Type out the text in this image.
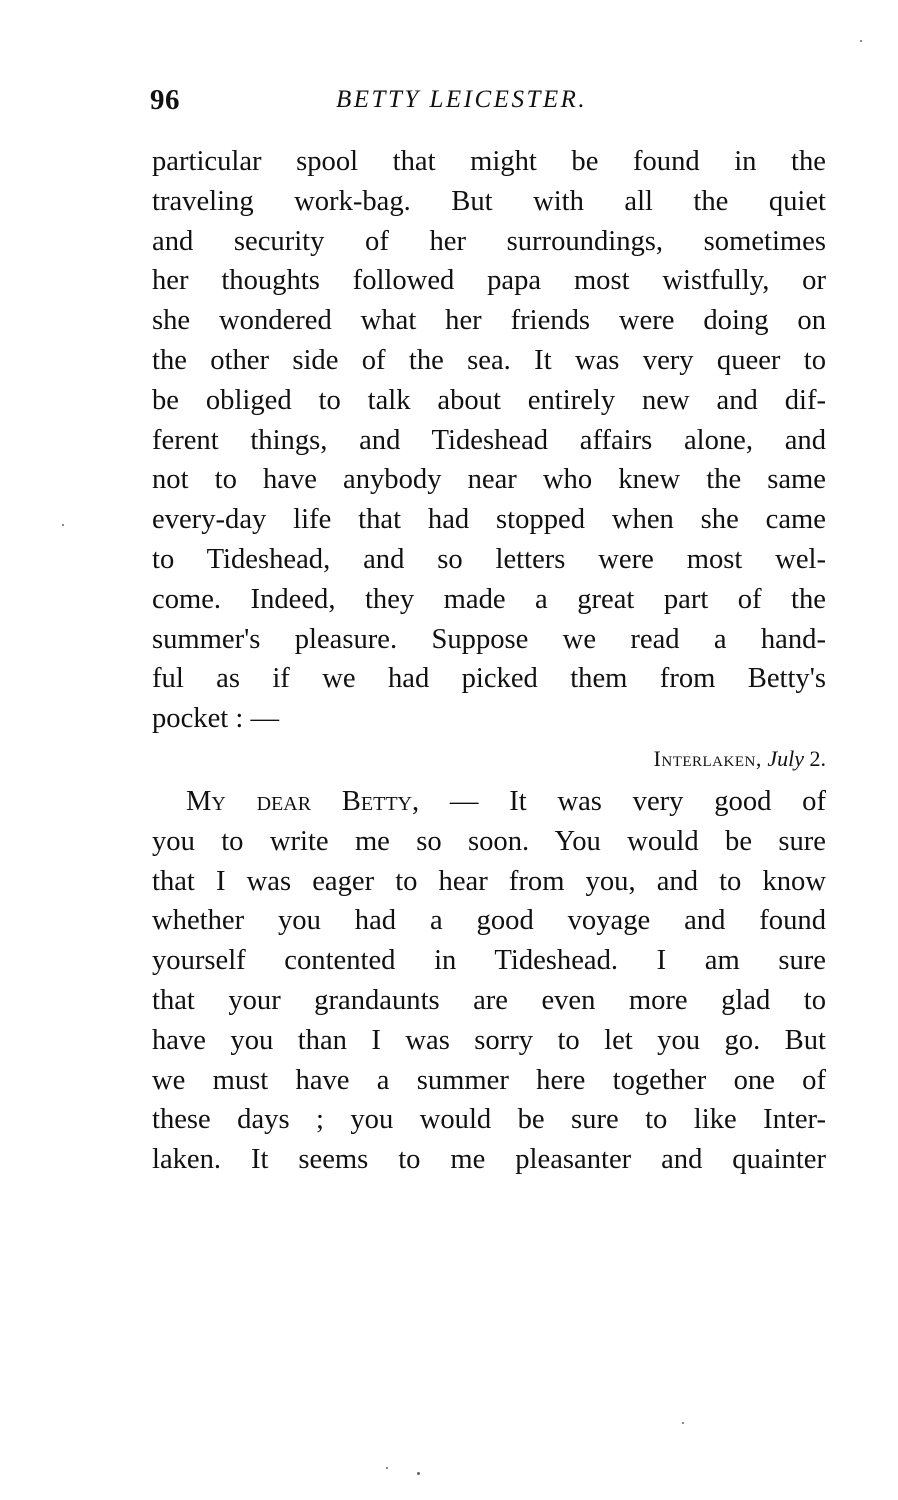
96	BETTY LEICESTER.
particular spool that might be found in the
traveling work-bag. But with all the quiet
and security of her surroundings, sometimes
her thoughts followed papa most wistfully, or
she wondered what her friends were doing on
the other side of the sea. It was very queer to
be obliged to talk about entirely new and dif-
ferent things, and Tideshead affairs alone, and
not to have anybody near who knew the same
every-day life that had stopped when she came
to Tideshead, and so letters were most wel-
come. Indeed, they made a great part of the
summer's pleasure. Suppose we read a hand-
ful as if we had picked them from Betty's
pocket : —
Interlaken, July 2.
My dear Betty, — It was very good of
you to write me so soon. You would be sure
that I was eager to hear from you, and to know
whether you had a good voyage and found
yourself contented in Tideshead. I am sure
that your grandaunts are even more glad to
have you than I was sorry to let you go. But
we must have a summer here together one of
these days ; you would be sure to like Inter-
laken. It seems to me pleasanter and quainter
